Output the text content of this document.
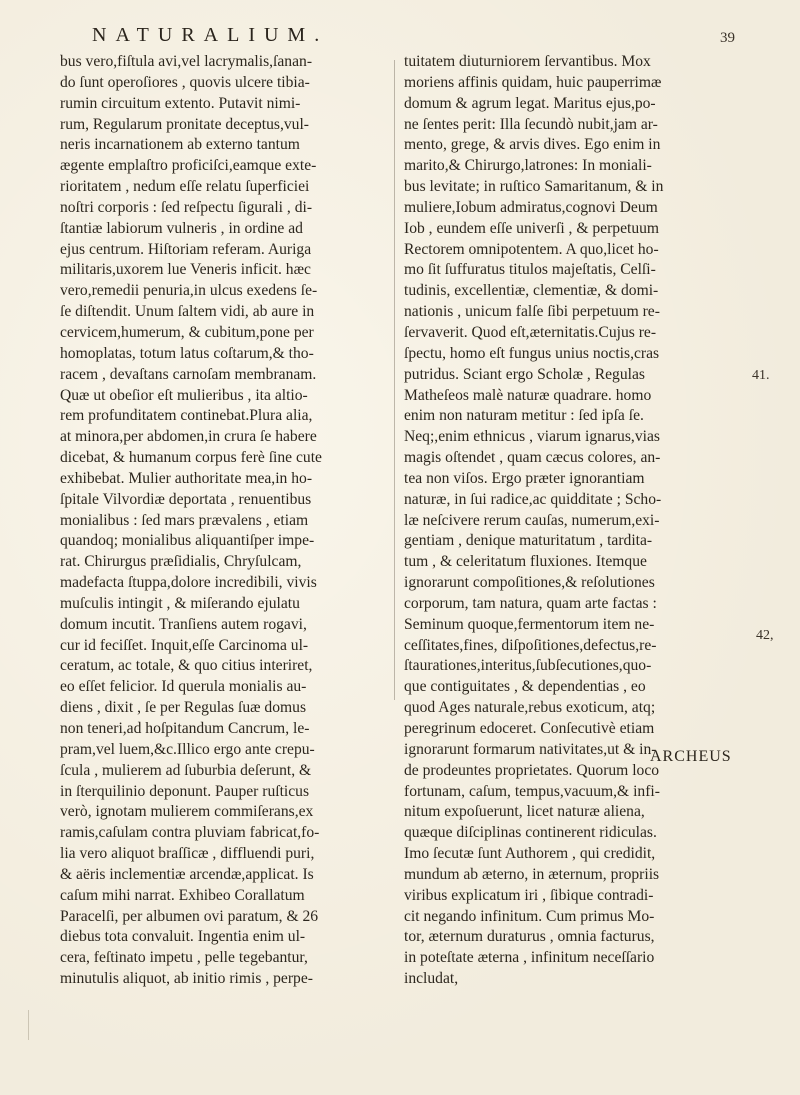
NATURALIUM.	39
bus vero,fiſtula avi,vel lacrymalis,ſanan-
do ſunt operoſiores , quovis ulcere tibia-
rumin circuitum extento. Putavit nimi-
rum, Regularum pronitate deceptus,vul-
neris incarnationem ab externo tantum
ægente emplaſtro proficiſci,eamque exte-
rioritatem , nedum eſſe relatu ſuperficiei
noſtri corporis : ſed reſpectu ſigurali , di-
ſtantiæ labiorum vulneris , in ordine ad
ejus centrum. Hiſtoriam referam. Auriga
militaris,uxorem lue Veneris inficit. hæc
vero,remedii penuria,in ulcus exedens ſe-
ſe diſtendit. Unum ſaltem vidi, ab aure in
cervicem,humerum, & cubitum,pone per
homoplatas, totum latus coſtarum,& tho-
racem , devaſtans carnoſam membranam.
Quæ ut obeſior eſt mulieribus , ita altio-
rem profunditatem continebat.Plura alia,
at minora,per abdomen,in crura ſe habere
dicebat, & humanum corpus ferè ſine cute
exhibebat. Mulier authoritate mea,in ho-
ſpitale Vilvordiæ deportata , renuentibus
monialibus : ſed mars prævalens , etiam
quandoq; monialibus aliquantiſper impe-
rat. Chirurgus præſidialis, Chryſulcam,
madefacta ſtuppa,dolore incredibili, vivis
muſculis intingit , & miſerando ejulatu
domum incutit. Tranſiens autem rogavi,
cur id feciſſet. Inquit,eſſe Carcinoma ul-
ceratum, ac totale, & quo citius interiret,
eo eſſet felicior. Id querula monialis au-
diens , dixit , ſe per Regulas ſuæ domus
non teneri,ad hoſpitandum Cancrum, le-
pram,vel luem,&c.Illico ergo ante crepu-
ſcula , mulierem ad ſuburbia deſerunt, &
in ſterquilinio deponunt. Pauper ruſticus
verò, ignotam mulierem commiſerans,ex
ramis,caſulam contra pluviam fabricat,fo-
lia vero aliquot braſſicæ , diffluendi puri,
& aëris inclementiæ arcendæ,applicat. Is
caſum mihi narrat. Exhibeo Corallatum
Paracelſi, per albumen ovi paratum, & 26
diebus tota convaluit. Ingentia enim ul-
cera, feſtinato impetu , pelle tegebantur,
minutulis aliquot, ab initio rimis , perpe-
tuitatem diuturniorem ſervantibus. Mox
moriens affinis quidam, huic pauperrimæ
domum & agrum legat. Maritus ejus,po-
ne ſentes perit: Illa ſecundò nubit,jam ar-
mento, grege, & arvis dives. Ego enim in
marito,& Chirurgo,latrones: In moniali-
bus levitate; in ruſtico Samaritanum, & in
muliere,Iobum admiratus,cognovi Deum
Iob , eundem eſſe univerſi , & perpetuum
Rectorem omnipotentem. A quo,licet ho-
mo ſit ſuffuratus titulos majeſtatis, Celſi-
tudinis, excellentiæ, clementiæ, & domi-
nationis , unicum falſe ſibi perpetuum re-
ſervaverit. Quod eſt,æternitatis.Cujus re-
ſpectu, homo eſt fungus unius noctis,cras
putridus. Sciant ergo Scholæ , Regulas
Matheſeos malè naturæ quadrare. homo
enim non naturam metitur : ſed ipſa ſe.
Neq;,enim ethnicus , viarum ignarus,vias
magis oſtendet , quam cæcus colores, an-
tea non viſos. Ergo præter ignorantiam
naturæ, in ſui radice,ac quidditate ; Scho-
læ neſcivere rerum cauſas, numerum,exi-
gentiam , denique maturitatum , tardita-
tum , & celeritatum fluxiones. Itemque
ignorarunt compoſitiones,& reſolutiones
corporum, tam natura, quam arte factas :
Seminum quoque,fermentorum item ne-
ceſſitates,fines, diſpoſitiones,defectus,re-
ſtaurationes,interitus,ſubſecutiones,quo-
que contiguitates , & dependentias , eo
quod Ages naturale,rebus exoticum, atq;
peregrinum edoceret. Conſecutivè etiam
ignorarunt formarum nativitates,ut & in-
de prodeuntes proprietates. Quorum loco
fortunam, caſum, tempus,vacuum,& infi-
nitum expoſuerunt, licet naturæ aliena,
quæque diſciplinas continerent ridiculas.
Imo ſecutæ ſunt Authorem , qui credidit,
mundum ab æterno, in æternum, propriis
viribus explicatum iri , ſibique contradi-
cit negando infinitum. Cum primus Mo-
tor, æternum duraturus , omnia facturus,
in poteſtate æterna , infinitum neceſſario
includat,
41.
42,
ARCHEUS
